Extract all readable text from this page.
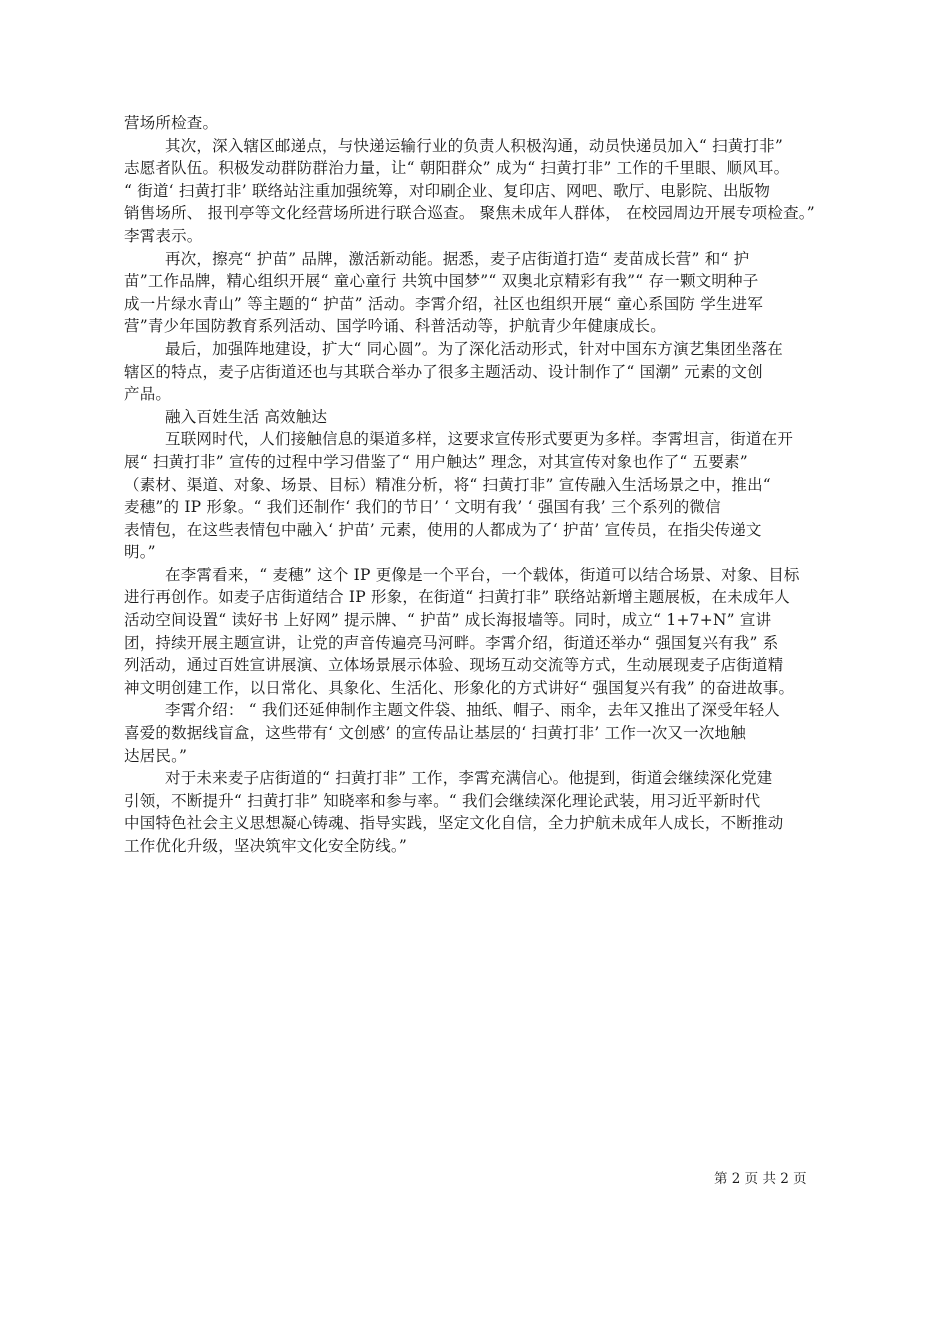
营场所检查。

其次，深入辖区邮递点，与快递运输行业的负责人积极沟通，动员快递员加入“ 扫黄打非”

志愿者队伍。积极发动群防群治力量，让“ 朝阳群众” 成为“ 扫黄打非” 工作的千里眼、顺风耳。

“ 街道‘ 扫黄打非’ 联络站注重加强统筹，对印刷企业、复印店、网吧、歌厅、电影院、出版物

销售场所、 报刊亭等文化经营场所进行联合巡查。 聚焦未成年人群体， 在校园周边开展专项检查。”

李霄表示。

再次，擦亮“ 护苗” 品牌，激活新动能。据悉，麦子店街道打造“ 麦苗成长营” 和“ 护

苗”工作品牌，精心组织开展“ 童心童行 共筑中国梦”“ 双奥北京精彩有我”“ 存一颗文明种子

成一片绿水青山” 等主题的“ 护苗” 活动。李霄介绍，社区也组织开展“ 童心系国防 学生进军

营”青少年国防教育系列活动、国学吟诵、科普活动等，护航青少年健康成长。

最后，加强阵地建设，扩大“ 同心圆”。为了深化活动形式，针对中国东方演艺集团坐落在

辖区的特点，麦子店街道还也与其联合举办了很多主题活动、设计制作了“ 国潮” 元素的文创

产品。

融入百姓生活 高效触达

互联网时代，人们接触信息的渠道多样，这要求宣传形式要更为多样。李霄坦言，街道在开

展“ 扫黄打非” 宣传的过程中学习借鉴了“ 用户触达” 理念，对其宣传对象也作了“ 五要素”

（素材、渠道、对象、场景、目标）精准分析，将“ 扫黄打非” 宣传融入生活场景之中，推出“

麦穗”的 IP 形象。“ 我们还制作‘ 我们的节日’ ‘ 文明有我’ ‘ 强国有我’ 三个系列的微信

表情包，在这些表情包中融入‘ 护苗’ 元素，使用的人都成为了‘ 护苗’ 宣传员，在指尖传递文

明。”

在李霄看来，“ 麦穗” 这个 IP 更像是一个平台，一个载体，街道可以结合场景、对象、目标

进行再创作。如麦子店街道结合 IP 形象，在街道“ 扫黄打非” 联络站新增主题展板，在未成年人

活动空间设置“ 读好书 上好网” 提示牌、“ 护苗” 成长海报墙等。同时，成立“ 1+7+N” 宣讲

团，持续开展主题宣讲，让党的声音传遍亮马河畔。李霄介绍，街道还举办“ 强国复兴有我” 系

列活动，通过百姓宣讲展演、立体场景展示体验、现场互动交流等方式，生动展现麦子店街道精

神文明创建工作，以日常化、具象化、生活化、形象化的方式讲好“ 强国复兴有我” 的奋进故事。

李霄介绍： “ 我们还延伸制作主题文件袋、抽纸、帽子、雨伞，去年又推出了深受年轻人

喜爱的数据线盲盒，这些带有‘ 文创感’ 的宣传品让基层的‘ 扫黄打非’ 工作一次又一次地触

达居民。”

对于未来麦子店街道的“ 扫黄打非” 工作，李霄充满信心。他提到，街道会继续深化党建

引领，不断提升“ 扫黄打非” 知晓率和参与率。“ 我们会继续深化理论武装，用习近平新时代

中国特色社会主义思想凝心铸魂、指导实践，坚定文化自信，全力护航未成年人成长，不断推动

工作优化升级，坚决筑牢文化安全防线。”

第 2 页 共 2 页
